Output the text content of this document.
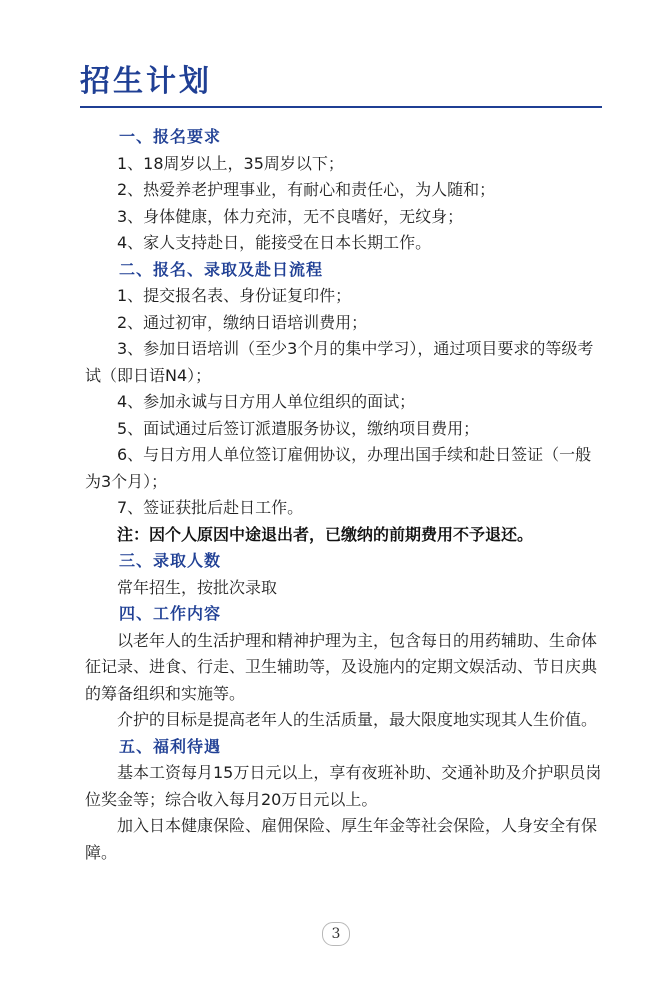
招生计划

一、报名要求

1、18周岁以上，35周岁以下；

2、热爱养老护理事业，有耐心和责任心，为人随和；

3、身体健康，体力充沛，无不良嗜好，无纹身；

4、家人支持赴日，能接受在日本长期工作。

二、报名、录取及赴日流程

1、提交报名表、身份证复印件；

2、通过初审，缴纳日语培训费用；

3、参加日语培训（至少3个月的集中学习），通过项目要求的等级考试（即日语N4）；

4、参加永诚与日方用人单位组织的面试；

5、面试通过后签订派遣服务协议，缴纳项目费用；

6、与日方用人单位签订雇佣协议，办理出国手续和赴日签证（一般为3个月）；

7、签证获批后赴日工作。

注：因个人原因中途退出者，已缴纳的前期费用不予退还。

三、录取人数

常年招生，按批次录取

四、工作内容

以老年人的生活护理和精神护理为主，包含每日的用药辅助、生命体征记录、进食、行走、卫生辅助等，及设施内的定期文娱活动、节日庆典的筹备组织和实施等。

介护的目标是提高老年人的生活质量，最大限度地实现其人生价值。

五、福利待遇

基本工资每月15万日元以上，享有夜班补助、交通补助及介护职员岗位奖金等；综合收入每月20万日元以上。

加入日本健康保险、雇佣保险、厚生年金等社会保险，人身安全有保障。

3
